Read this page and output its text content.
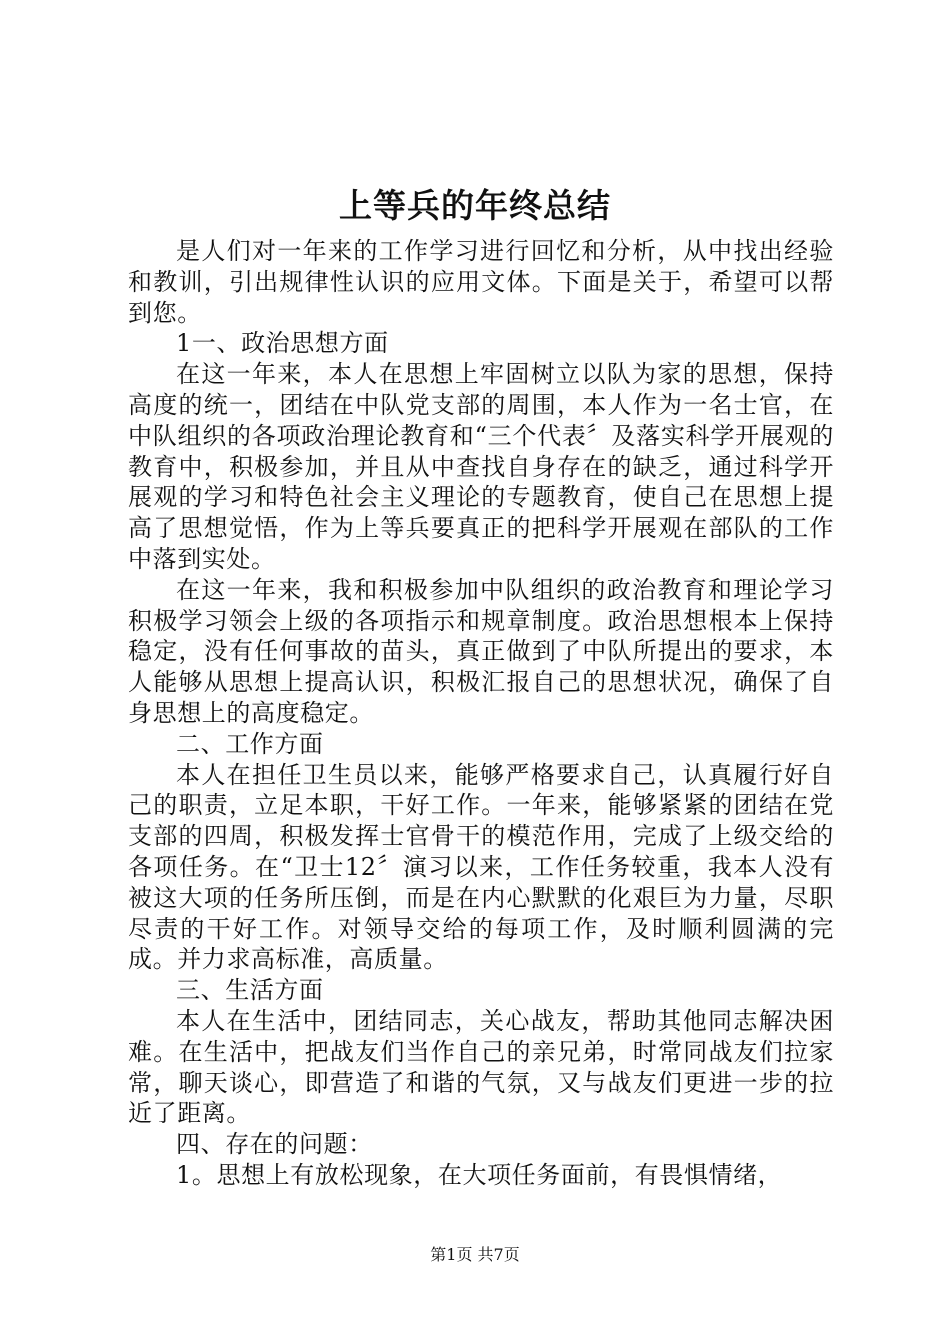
上等兵的年终总结

是人们对一年来的工作学习进行回忆和分析，从中找出经验和教训，引出规律性认识的应用文体。下面是关于，希望可以帮到您。

1一、政治思想方面

在这一年来，本人在思想上牢固树立以队为家的思想，保持高度的统一，团结在中队党支部的周围，本人作为一名士官，在中队组织的各项政治理论教育和“三个代表〞及落实科学开展观的教育中，积极参加，并且从中查找自身存在的缺乏，通过科学开展观的学习和特色社会主义理论的专题教育，使自己在思想上提高了思想觉悟，作为上等兵要真正的把科学开展观在部队的工作中落到实处。

在这一年来，我和积极参加中队组织的政治教育和理论学习积极学习领会上级的各项指示和规章制度。政治思想根本上保持稳定，没有任何事故的苗头，真正做到了中队所提出的要求，本人能够从思想上提高认识，积极汇报自己的思想状况，确保了自身思想上的高度稳定。

二、工作方面

本人在担任卫生员以来，能够严格要求自己，认真履行好自己的职责，立足本职，干好工作。一年来，能够紧紧的团结在党支部的四周，积极发挥士官骨干的模范作用，完成了上级交给的各项任务。在“卫士12〞演习以来，工作任务较重，我本人没有被这大项的任务所压倒，而是在内心默默的化艰巨为力量，尽职尽责的干好工作。对领导交给的每项工作，及时顺利圆满的完成。并力求高标准，高质量。

三、生活方面

本人在生活中，团结同志，关心战友，帮助其他同志解决困难。在生活中，把战友们当作自己的亲兄弟，时常同战友们拉家常，聊天谈心，即营造了和谐的气氛，又与战友们更进一步的拉近了距离。

四、存在的问题：

1。思想上有放松现象，在大项任务面前，有畏惧情绪，

第1页 共7页
